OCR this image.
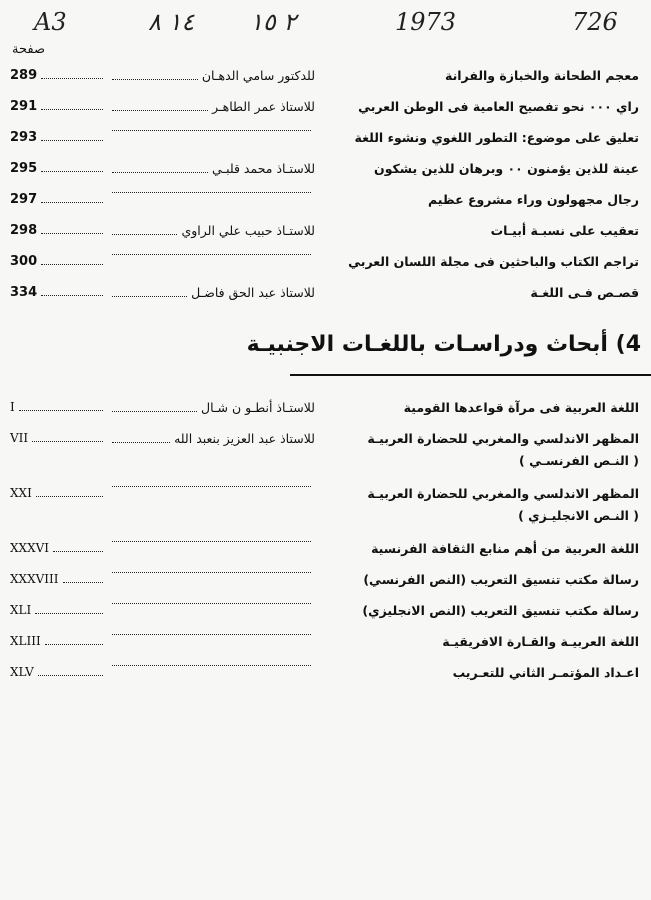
A3	١٤ ٨ ٢ ١٥	1973	726
صفحة
289	للدكتور سامي الدهـان	معجم الطحانة والخبازة والفرانة
291	للاستاذ عمر الطاهـر	راي ٠٠٠ نحو تفصيح العامية فى الوطن العربي
293	تعليق على موضوع: التطور اللغوي ونشوء اللغة
295	للاستـاذ محمد قلبـي	عينة للذين يؤمنون ٠٠ وبرهان للذين يشكون
297	رجال مجهولون وراء مشروع عظيم
298	للاستـاذ حبيب علي الراوي	تعقيب على نسبـة أبيـات
300	تراجم الكتاب والباحثين فى مجلة اللسان العربي
334	للاستاذ عبد الحق فاضـل	قصـص فـى اللغـة
4) أبحاث ودراسـات باللغـات الاجنبيـة
I	للاستـاذ أنطـو ن شـال	اللغة العربية فى مرآة قواعدها القومية
VII	للاستاذ عبد العزيز بنعبد الله	المظهر الاندلسي والمغربي للحضارة العربيـة
( النـص الفرنسـي )
XXI	المظهر الاندلسي والمغربي للحضارة العربيـة
( النـص الانجليـزي )
XXXVI	اللغة العربية من أهم منابع الثقافة الفرنسية
XXXVIII	رسالة مكتب تنسيق التعريب (النص الفرنسي)
XLI	رسالة مكتب تنسيق التعريب (النص الانجليزي)
XLIII	اللغة العربيـة والقـارة الافريقيـة
XLV	اعـداد المؤتمـر الثاني للتعـريب
